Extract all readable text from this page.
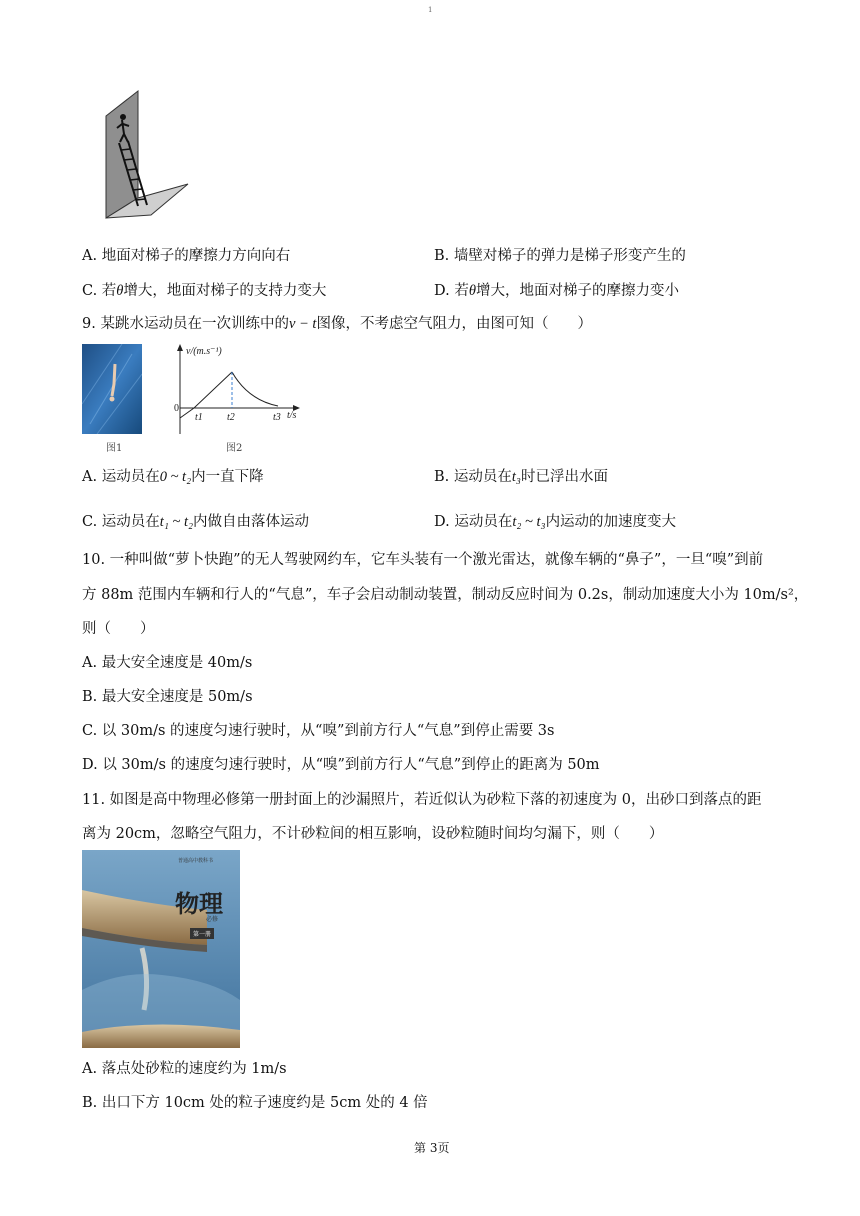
1
A. 地面对梯子的摩擦力方向向右	B. 墙壁对梯子的弹力是梯子形变产生的
C. 若θ增大，地面对梯子的支持力变大	D. 若θ增大，地面对梯子的摩擦力变小
9. 某跳水运动员在一次训练中的v − t图像，不考虑空气阻力，由图可知（　　）
图1
v/(m.s⁻¹)
0
t/s
t1 t2	t3
图2
A. 运动员在0 ~ t₂内一直下降	B. 运动员在t₃时已浮出水面
C. 运动员在t₁ ~ t₂内做自由落体运动	D. 运动员在t₂ ~ t₃内运动的加速度变大
10. 一种叫做“萝卜快跑”的无人驾驶网约车，它车头装有一个激光雷达，就像车辆的“鼻子”，一旦“嗅”到前
方 88m 范围内车辆和行人的“气息”，车子会启动制动装置，制动反应时间为 0.2s，制动加速度大小为 10m/s²，
则（　　）
A. 最大安全速度是 40m/s
B. 最大安全速度是 50m/s
C. 以 30m/s 的速度匀速行驶时，从“嗅”到前方行人“气息”到停止需要 3s
D. 以 30m/s 的速度匀速行驶时，从“嗅”到前方行人“气息”到停止的距离为 50m
11. 如图是高中物理必修第一册封面上的沙漏照片，若近似认为砂粒下落的初速度为 0，出砂口到落点的距
离为 20cm，忽略空气阻力，不计砂粒间的相互影响，设砂粒随时间均匀漏下，则（　　）
普通高中教科书
物理
必修
第一册
A. 落点处砂粒的速度约为 1m/s
B. 出口下方 10cm 处的粒子速度约是 5cm 处的 4 倍
第 3页
